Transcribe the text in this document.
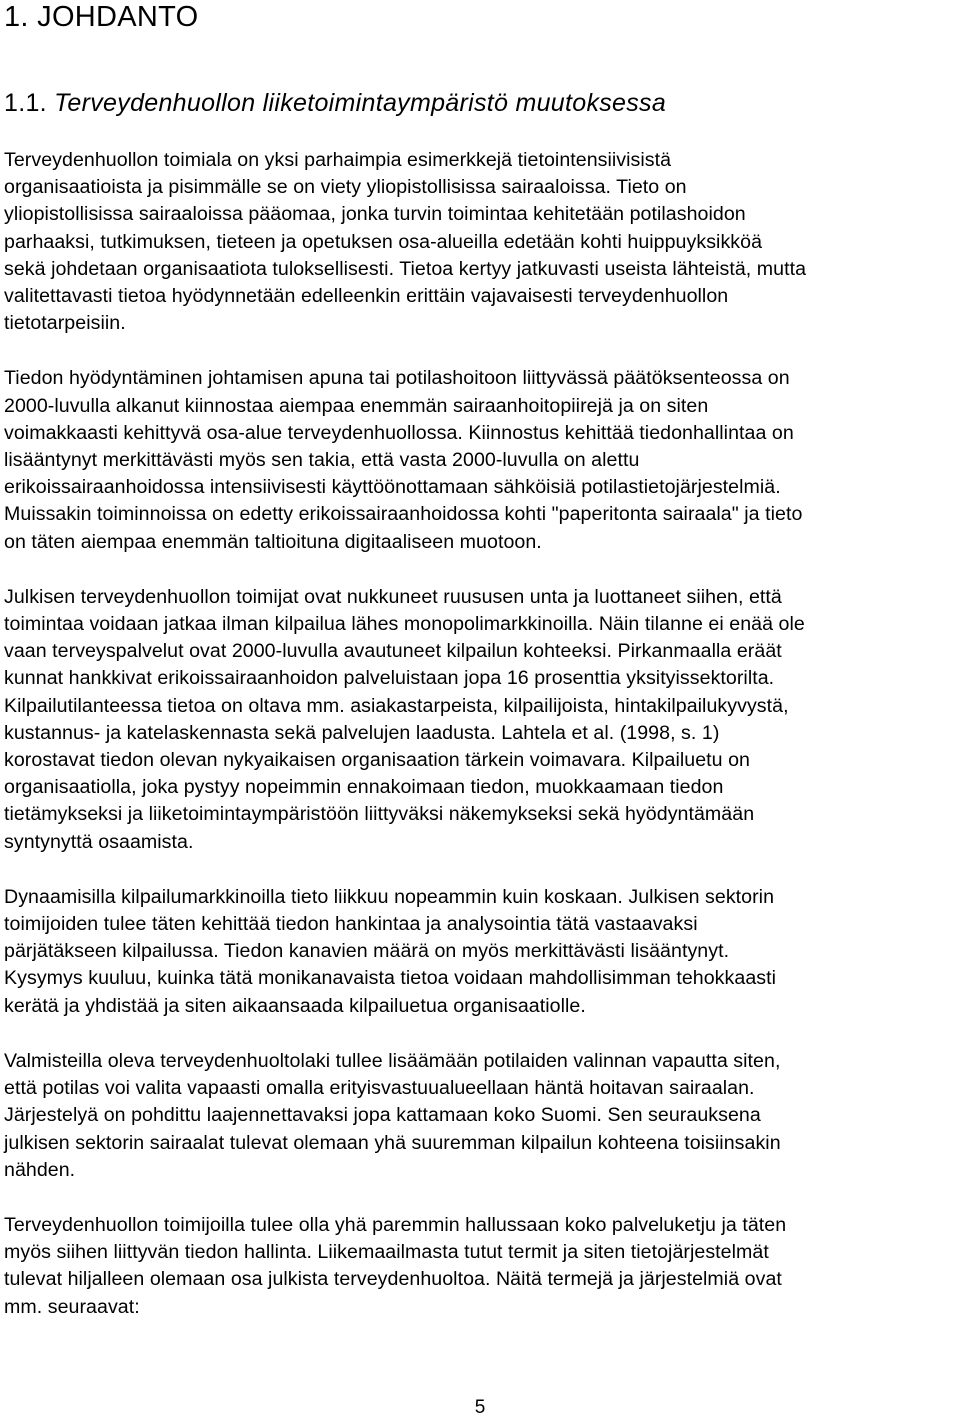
1. JOHDANTO
1.1. Terveydenhuollon liiketoimintaympäristö muutoksessa

Terveydenhuollon toimiala on yksi parhaimpia esimerkkejä tietointensiivisistä
organisaatioista ja pisimmälle se on viety yliopistollisissa sairaaloissa. Tieto on
yliopistollisissa sairaaloissa pääomaa, jonka turvin toimintaa kehitetään potilashoidon
parhaaksi, tutkimuksen, tieteen ja opetuksen osa-alueilla edetään kohti huippuyksikköä
sekä johdetaan organisaatiota tuloksellisesti. Tietoa kertyy jatkuvasti useista lähteistä, mutta
valitettavasti tietoa hyödynnetään edelleenkin erittäin vajavaisesti terveydenhuollon
tietotarpeisiin.

Tiedon hyödyntäminen johtamisen apuna tai potilashoitoon liittyvässä päätöksenteossa on
2000-luvulla alkanut kiinnostaa aiempaa enemmän sairaanhoitopiirejä ja on siten
voimakkaasti kehittyvä osa-alue terveydenhuollossa. Kiinnostus kehittää tiedonhallintaa on
lisääntynyt merkittävästi myös sen takia, että vasta 2000-luvulla on alettu
erikoissairaanhoidossa intensiivisesti käyttöönottamaan sähköisiä potilastietojärjestelmiä.
Muissakin toiminnoissa on edetty erikoissairaanhoidossa kohti "paperitonta sairaala" ja tieto
on täten aiempaa enemmän taltioituna digitaaliseen muotoon.

Julkisen terveydenhuollon toimijat ovat nukkuneet ruususen unta ja luottaneet siihen, että
toimintaa voidaan jatkaa ilman kilpailua lähes monopolimarkkinoilla. Näin tilanne ei enää ole
vaan terveyspalvelut ovat 2000-luvulla avautuneet kilpailun kohteeksi. Pirkanmaalla eräät
kunnat hankkivat erikoissairaanhoidon palveluistaan jopa 16 prosenttia yksityissektorilta.
Kilpailutilanteessa tietoa on oltava mm. asiakastarpeista, kilpailijoista, hintakilpailukyvystä,
kustannus- ja katelaskennasta sekä palvelujen laadusta. Lahtela et al. (1998, s. 1)
korostavat tiedon olevan nykyaikaisen organisaation tärkein voimavara. Kilpailuetu on
organisaatiolla, joka pystyy nopeimmin ennakoimaan tiedon, muokkaamaan tiedon
tietämykseksi ja liiketoimintaympäristöön liittyväksi näkemykseksi sekä hyödyntämään
syntynyttä osaamista.

Dynaamisilla kilpailumarkkinoilla tieto liikkuu nopeammin kuin koskaan. Julkisen sektorin
toimijoiden tulee täten kehittää tiedon hankintaa ja analysointia tätä vastaavaksi
pärjätäkseen kilpailussa. Tiedon kanavien määrä on myös merkittävästi lisääntynyt.
Kysymys kuuluu, kuinka tätä monikanavaista tietoa voidaan mahdollisimman tehokkaasti
kerätä ja yhdistää ja siten aikaansaada kilpailuetua organisaatiolle.

Valmisteilla oleva terveydenhuoltolaki tullee lisäämään potilaiden valinnan vapautta siten,
että potilas voi valita vapaasti omalla erityisvastuualueellaan häntä hoitavan sairaalan.
Järjestelyä on pohdittu laajennettavaksi jopa kattamaan koko Suomi. Sen seurauksena
julkisen sektorin sairaalat tulevat olemaan yhä suuremman kilpailun kohteena toisiinsakin
nähden.

Terveydenhuollon toimijoilla tulee olla yhä paremmin hallussaan koko palveluketju ja täten
myös siihen liittyvän tiedon hallinta. Liikemaailmasta tutut termit ja siten tietojärjestelmät
tulevat hiljalleen olemaan osa julkista terveydenhuoltoa. Näitä termejä ja järjestelmiä ovat
mm. seuraavat:

5
